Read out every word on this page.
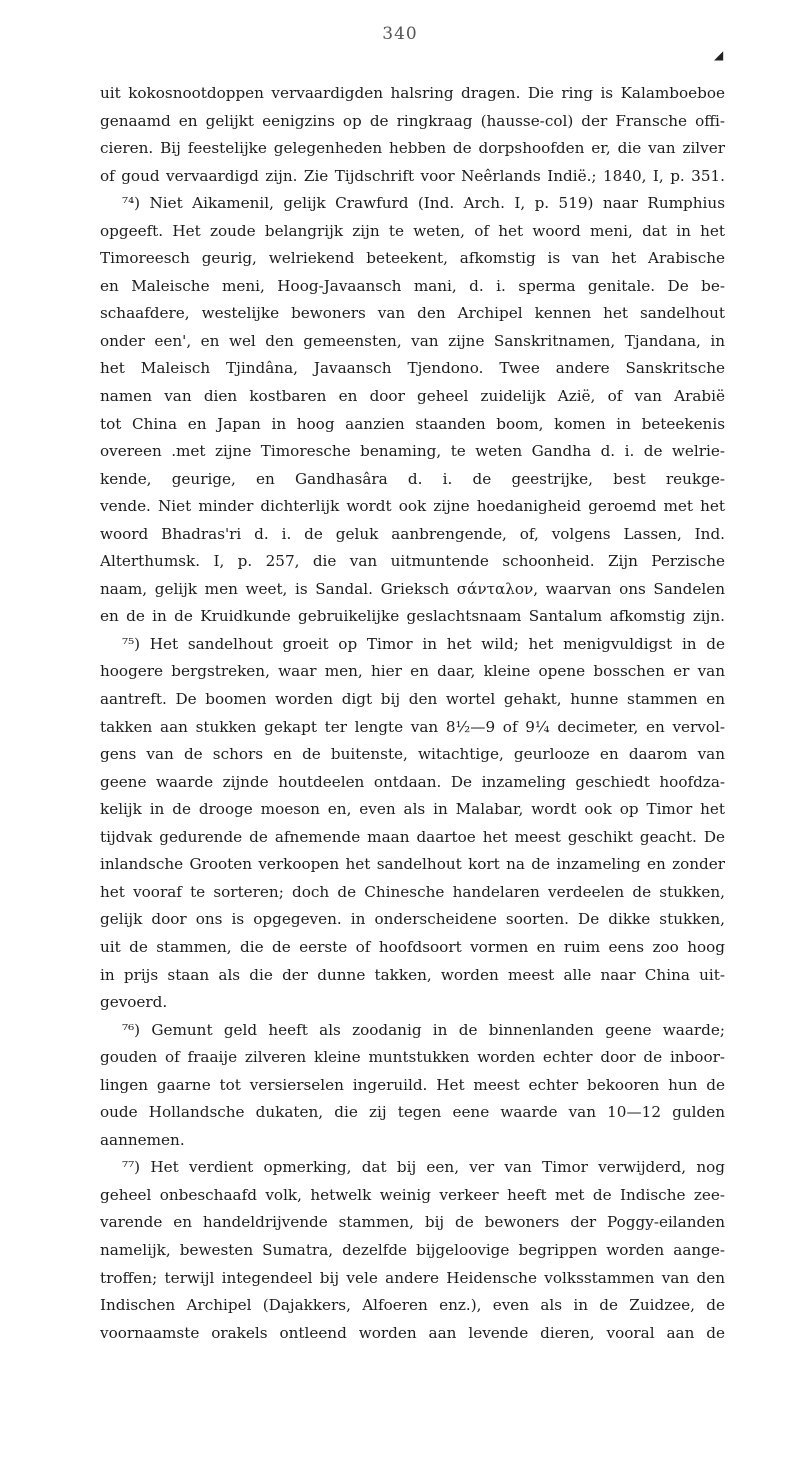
340
◢
uit kokosnootdoppen vervaardigden halsring dragen. Die ring is Kalamboeboe
genaamd en gelijkt eenigzins op de ringkraag (hausse-col) der Fransche offi-
cieren. Bij feestelijke gelegenheden hebben de dorpshoofden er, die van zilver
of goud vervaardigd zijn. Zie Tijdschrift voor Neêrlands Indië.; 1840, I, p. 351.
⁷⁴) Niet Aikamenil, gelijk Crawfurd (Ind. Arch. I, p. 519) naar Rumphius
opgeeft. Het zoude belangrijk zijn te weten, of het woord meni, dat in het
Timoreesch geurig, welriekend beteekent, afkomstig is van het Arabische
en Maleische meni, Hoog-Javaansch mani, d. i. sperma genitale. De be-
schaafdere, westelijke bewoners van den Archipel kennen het sandelhout
onder een', en wel den gemeensten, van zijne Sanskritnamen, Tjandana, in
het Maleisch Tjindâna, Javaansch Tjendono. Twee andere Sanskritsche
namen van dien kostbaren en door geheel zuidelijk Azië, of van Arabië
tot China en Japan in hoog aanzien staanden boom, komen in beteekenis
overeen .met zijne Timoresche benaming, te weten Gandha d. i. de welrie-
kende, geurige, en Gandhasâra d. i. de geestrijke, best reukge-
vende. Niet minder dichterlijk wordt ook zijne hoedanigheid geroemd met het
woord Bhadras'ri d. i. de geluk aanbrengende, of, volgens Lassen, Ind.
Alterthumsk. I, p. 257, die van uitmuntende schoonheid. Zijn Perzische
naam, gelijk men weet, is Sandal. Grieksch σάνταλον, waarvan ons Sandelen
en de in de Kruidkunde gebruikelijke geslachtsnaam Santalum afkomstig zijn.
⁷⁵) Het sandelhout groeit op Timor in het wild; het menigvuldigst in de
hoogere bergstreken, waar men, hier en daar, kleine opene bosschen er van
aantreft. De boomen worden digt bij den wortel gehakt, hunne stammen en
takken aan stukken gekapt ter lengte van 8½—9 of 9¼ decimeter, en vervol-
gens van de schors en de buitenste, witachtige, geurlooze en daarom van
geene waarde zijnde houtdeelen ontdaan. De inzameling geschiedt hoofdza-
kelijk in de drooge moeson en, even als in Malabar, wordt ook op Timor het
tijdvak gedurende de afnemende maan daartoe het meest geschikt geacht. De
inlandsche Grooten verkoopen het sandelhout kort na de inzameling en zonder
het vooraf te sorteren; doch de Chinesche handelaren verdeelen de stukken,
gelijk door ons is opgegeven. in onderscheidene soorten. De dikke stukken,
uit de stammen, die de eerste of hoofdsoort vormen en ruim eens zoo hoog
in prijs staan als die der dunne takken, worden meest alle naar China uit-
gevoerd.
⁷⁶) Gemunt geld heeft als zoodanig in de binnenlanden geene waarde;
gouden of fraaije zilveren kleine muntstukken worden echter door de inboor-
lingen gaarne tot versierselen ingeruild. Het meest echter bekooren hun de
oude Hollandsche dukaten, die zij tegen eene waarde van 10—12 gulden
aannemen.
⁷⁷) Het verdient opmerking, dat bij een, ver van Timor verwijderd, nog
geheel onbeschaafd volk, hetwelk weinig verkeer heeft met de Indische zee-
varende en handeldrijvende stammen, bij de bewoners der Poggy-eilanden
namelijk, bewesten Sumatra, dezelfde bijgeloovige begrippen worden aange-
troffen; terwijl integendeel bij vele andere Heidensche volksstammen van den
Indischen Archipel (Dajakkers, Alfoeren enz.), even als in de Zuidzee, de
voornaamste orakels ontleend worden aan levende dieren, vooral aan de
